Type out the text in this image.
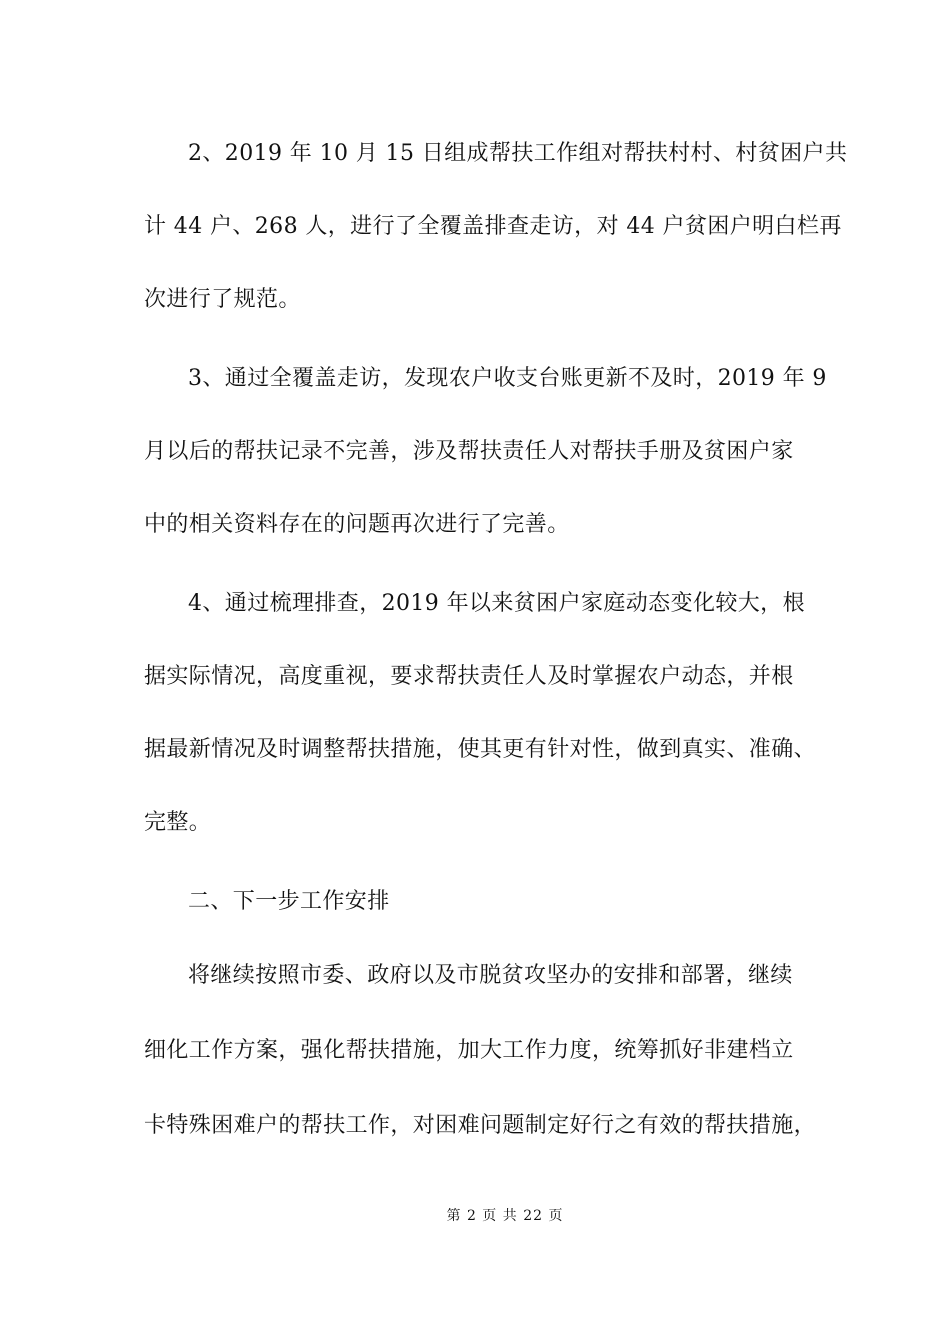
2、2019 年 10 月 15 日组成帮扶工作组对帮扶村村、村贫困户共
计 44 户、268 人，进行了全覆盖排查走访，对 44 户贫困户明白栏再
次进行了规范。
3、通过全覆盖走访，发现农户收支台账更新不及时，2019 年 9
月以后的帮扶记录不完善，涉及帮扶责任人对帮扶手册及贫困户家
中的相关资料存在的问题再次进行了完善。
4、通过梳理排查，2019 年以来贫困户家庭动态变化较大，根
据实际情况，高度重视，要求帮扶责任人及时掌握农户动态，并根
据最新情况及时调整帮扶措施，使其更有针对性，做到真实、准确、
完整。
二、下一步工作安排
将继续按照市委、政府以及市脱贫攻坚办的安排和部署，继续
细化工作方案，强化帮扶措施，加大工作力度，统筹抓好非建档立
卡特殊困难户的帮扶工作，对困难问题制定好行之有效的帮扶措施，
第 2 页 共 22 页
